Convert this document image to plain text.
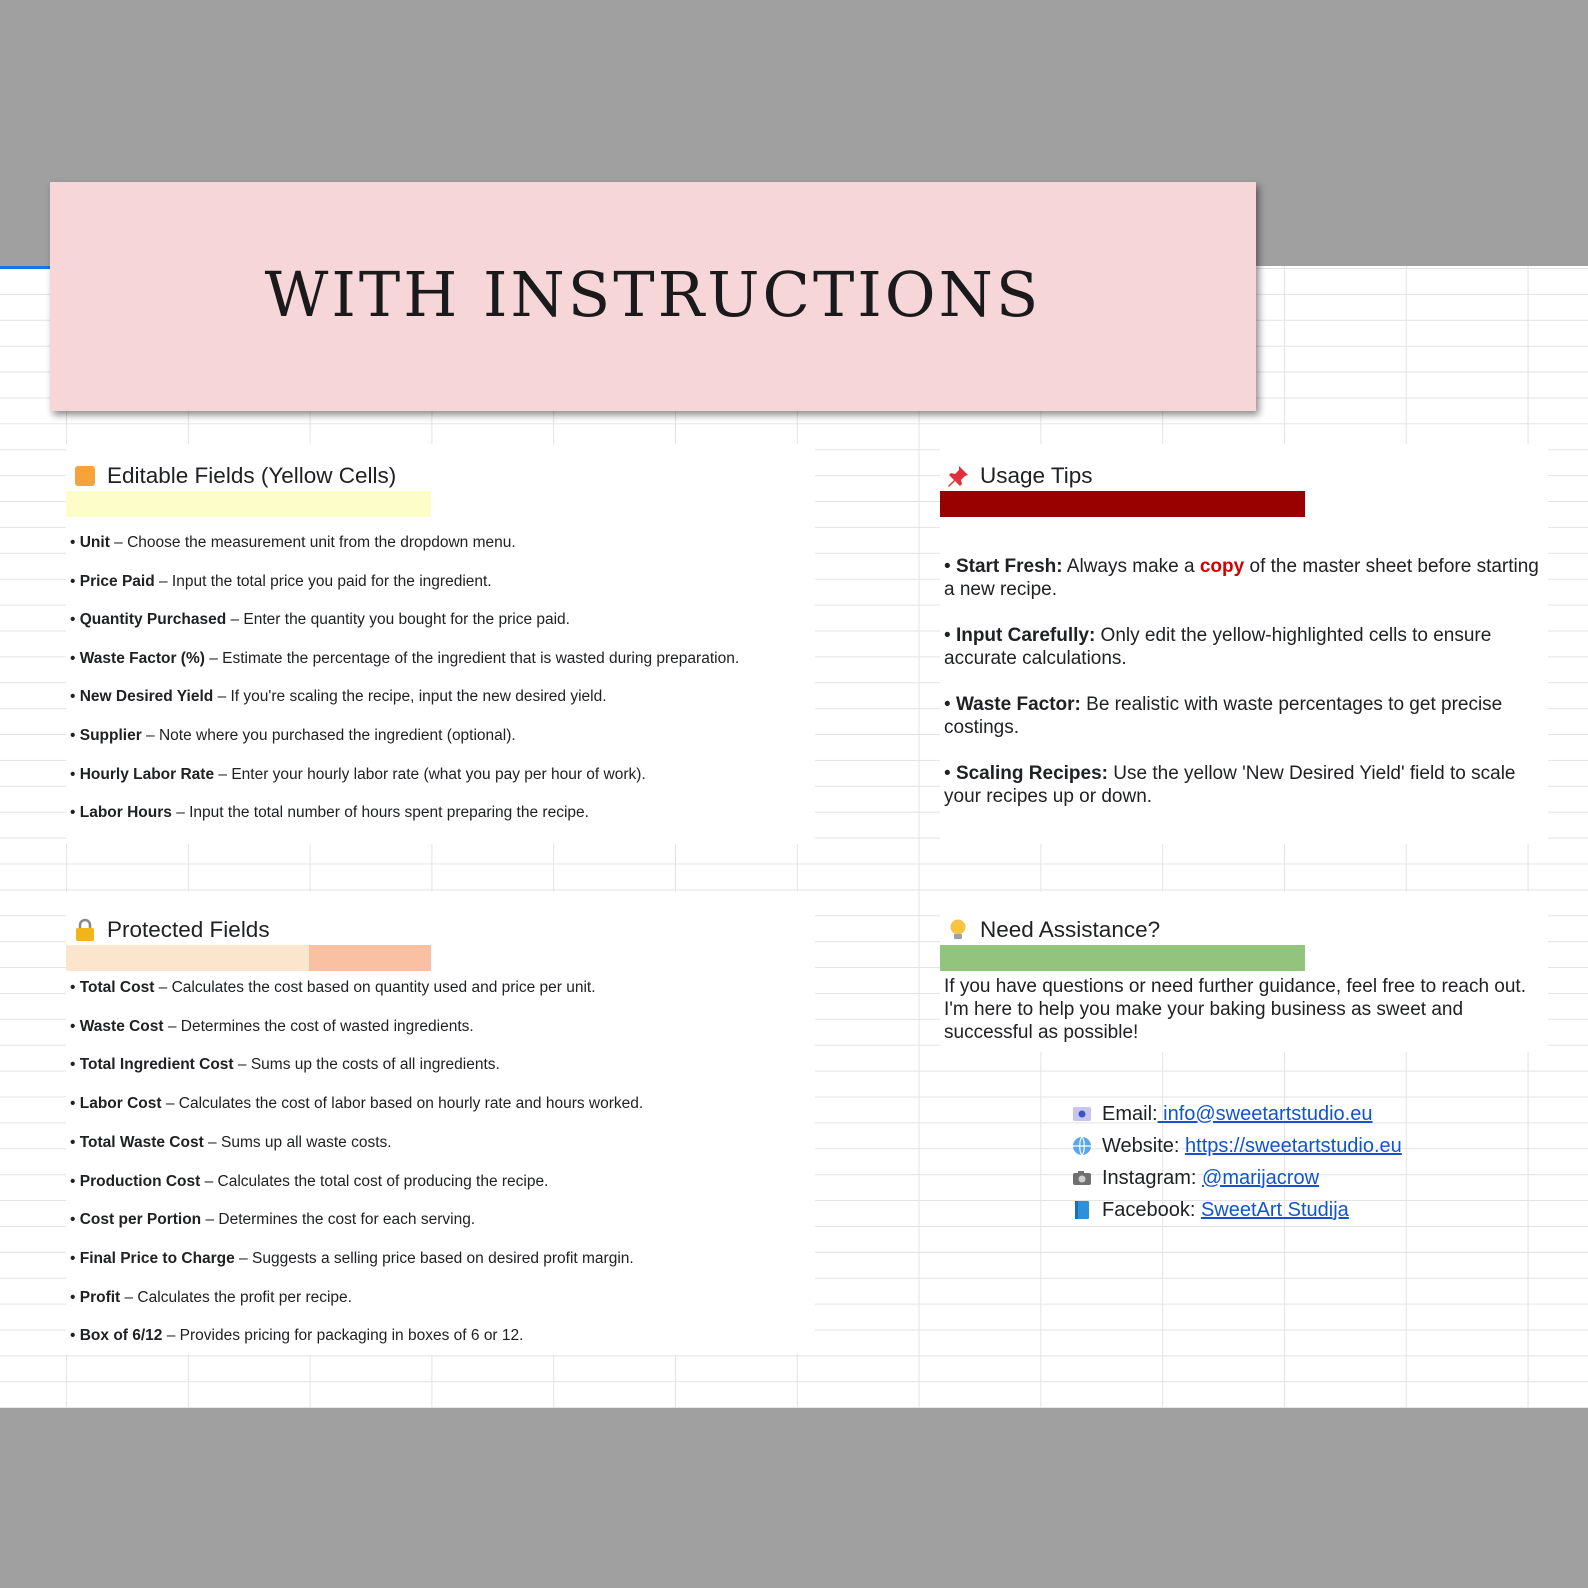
Editable Fields (Yellow Cells)
• Unit – Choose the measurement unit from the dropdown menu.
• Price Paid – Input the total price you paid for the ingredient.
• Quantity Purchased – Enter the quantity you bought for the price paid.
• Waste Factor (%) – Estimate the percentage of the ingredient that is wasted during preparation.
• New Desired Yield – If you're scaling the recipe, input the new desired yield.
• Supplier – Note where you purchased the ingredient (optional).
• Hourly Labor Rate – Enter your hourly labor rate (what you pay per hour of work).
• Labor Hours – Input the total number of hours spent preparing the recipe.
Protected Fields
• Total Cost – Calculates the cost based on quantity used and price per unit.
• Waste Cost – Determines the cost of wasted ingredients.
• Total Ingredient Cost – Sums up the costs of all ingredients.
• Labor Cost – Calculates the cost of labor based on hourly rate and hours worked.
• Total Waste Cost – Sums up all waste costs.
• Production Cost – Calculates the total cost of producing the recipe.
• Cost per Portion – Determines the cost for each serving.
• Final Price to Charge – Suggests a selling price based on desired profit margin.
• Profit – Calculates the profit per recipe.
• Box of 6/12 – Provides pricing for packaging in boxes of 6 or 12.
Usage Tips
• Start Fresh: Always make a copy of the master sheet before starting a new recipe.
• Input Carefully: Only edit the yellow-highlighted cells to ensure accurate calculations.
• Waste Factor: Be realistic with waste percentages to get precise costings.
• Scaling Recipes: Use the yellow 'New Desired Yield' field to scale your recipes up or down.
Need Assistance?
If you have questions or need further guidance, feel free to reach out. I'm here to help you make your baking business as sweet and successful as possible!
Email: info@sweetartstudio.eu
Website: https://sweetartstudio.eu
Instagram: @marijacrow
Facebook: SweetArt Studija
WITH INSTRUCTIONS
